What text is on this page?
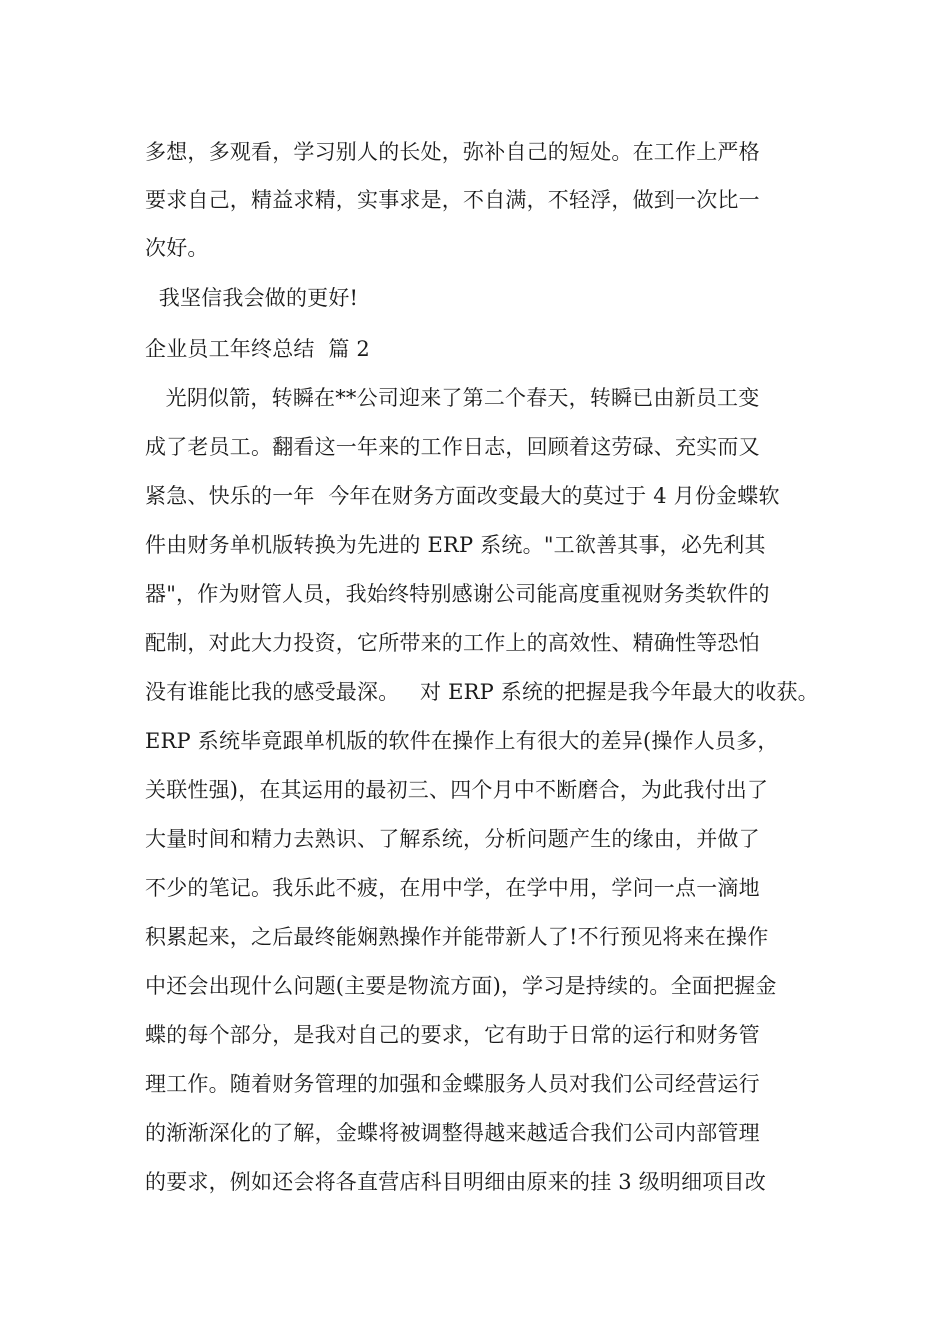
多想，多观看，学习别人的长处，弥补自己的短处。在工作上严格
要求自己，精益求精，实事求是，不自满，不轻浮，做到一次比一
次好。
我坚信我会做的更好!
企业员工年终总结  篇 2
光阴似箭，转瞬在**公司迎来了第二个春天，转瞬已由新员工变
成了老员工。翻看这一年来的工作日志，回顾着这劳碌、充实而又
紧急、快乐的一年  今年在财务方面改变最大的莫过于 4 月份金蝶软
件由财务单机版转换为先进的 ERP 系统。"工欲善其事，必先利其
器"，作为财管人员，我始终特别感谢公司能高度重视财务类软件的
配制，对此大力投资，它所带来的工作上的高效性、精确性等恐怕
没有谁能比我的感受最深。   对 ERP 系统的把握是我今年最大的收获。
ERP 系统毕竟跟单机版的软件在操作上有很大的差异(操作人员多，
关联性强)，在其运用的最初三、四个月中不断磨合，为此我付出了
大量时间和精力去熟识、了解系统，分析问题产生的缘由，并做了
不少的笔记。我乐此不疲，在用中学，在学中用，学问一点一滴地
积累起来，之后最终能娴熟操作并能带新人了!不行预见将来在操作
中还会出现什么问题(主要是物流方面)，学习是持续的。全面把握金
蝶的每个部分，是我对自己的要求，它有助于日常的运行和财务管
理工作。随着财务管理的加强和金蝶服务人员对我们公司经营运行
的渐渐深化的了解，金蝶将被调整得越来越适合我们公司内部管理
的要求，例如还会将各直营店科目明细由原来的挂 3 级明细项目改
